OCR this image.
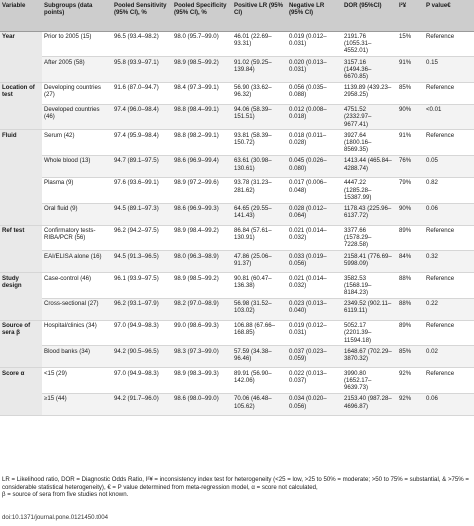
Variable	Subgroups (data points)	Pooled Sensitivity (95% CI), %	Pooled Specificity (95% CI), %	Positive LR (95% CI)	Negative LR (95% CI)	DOR (95%CI)	I²¥	P value€
Year	Prior to 2005 (15)	96.5 (93.4–98.2)	98.0 (95.7–99.0)	46.01 (22.69–93.31)	0.019 (0.012–0.031)	2191.76 (1055.31–4552.01)	15%	Reference
	After 2005 (58)	95.8 (93.9–97.1)	98.9 (98.5–99.2)	91.02 (59.25–139.84)	0.020 (0.013–0.031)	3157.16 (1494.36–6670.85)	91%	0.15
Location of test	Developing countries (27)	91.6 (87.0–94.7)	98.4 (97.3–99.1)	56.90 (33.62–96.32)	0.056 (0.035–0.088)	1139.89 (439.23–2958.25)	85%	Reference
	Developed countries (46)	97.4 (96.0–98.4)	98.8 (98.4–99.1)	94.06 (58.39–151.51)	0.012 (0.008–0.018)	4751.52 (2332.97–9677.41)	90%	<0.01
Fluid	Serum (42)	97.4 (95.9–98.4)	98.8 (98.2–99.1)	93.81 (58.39–150.72)	0.018 (0.011–0.028)	3927.64 (1800.16–8569.35)	91%	Reference
	Whole blood (13)	94.7 (89.1–97.5)	98.6 (96.9–99.4)	63.61 (30.98–130.61)	0.045 (0.026–0.080)	1413.44 (465.84–4288.74)	76%	0.05
	Plasma (9)	97.6 (93.6–99.1)	98.9 (97.2–99.6)	93.78 (31.23–281.62)	0.017 (0.006–0.048)	4447.22 (1285.28–15387.99)	79%	0.82
	Oral fluid (9)	94.5 (89.1–97.3)	98.6 (96.9–99.3)	64.65 (29.55–141.43)	0.028 (0.012–0.064)	1178.43 (225.96–6137.72)	90%	0.06
Ref test	Confirmatory tests-RIBA/PCR (56)	96.2 (94.2–97.5)	98.9 (98.4–99.2)	86.84 (57.61–130.91)	0.021 (0.014–0.032)	3377.66 (1578.29–7228.58)	89%	Reference
	EAI/ELISA alone (16)	94.5 (91.3–96.5)	98.0 (96.3–98.9)	47.86 (25.06–91.37)	0.033 (0.019–0.056)	2158.41 (776.69–5998.09)	84%	0.32
Study design	Case-control (46)	96.1 (93.9–97.5)	98.9 (98.5–99.2)	90.81 (60.47–136.38)	0.021 (0.014–0.032)	3582.53 (1568.19–8184.23)	88%	Reference
	Cross-sectional (27)	96.2 (93.1–97.9)	98.2 (97.0–98.9)	56.98 (31.52–103.02)	0.023 (0.013–0.040)	2349.52 (902.11–6119.11)	88%	0.22
Source of sera β	Hospital/clinics (34)	97.0 (94.9–98.3)	99.0 (98.6–99.3)	106.88 (67.66–168.85)	0.019 (0.012–0.031)	5052.17 (2201.39–11594.18)	89%	Reference
	Blood banks (34)	94.2 (90.5–96.5)	98.3 (97.3–99.0)	57.59 (34.38–96.46)	0.037 (0.023–0.059)	1648.67 (702.29–3870.32)	85%	0.02
Score α	<15 (29)	97.0 (94.9–98.3)	98.9 (98.3–99.3)	89.91 (56.90–142.06)	0.022 (0.013–0.037)	3990.80 (1652.17–9639.73)	92%	Reference
	≥15 (44)	94.2 (91.7–96.0)	98.6 (98.0–99.0)	70.06 (46.48–105.62)	0.034 (0.020–0.056)	2153.40 (987.28–4696.87)	92%	0.06

LR = Likelihood ratio, DOR = Diagnostic Odds Ratio, I²¥ = inconsistency index test for heterogeneity (<25 = low, >25 to 50% = moderate; >50 to 75% = substantial, & >75% = considerable statistical heterogeneity), € = P value determined from meta-regression model, α = score not calculated,

β = source of sera from five studies not known.

doi:10.1371/journal.pone.0121450.t004
